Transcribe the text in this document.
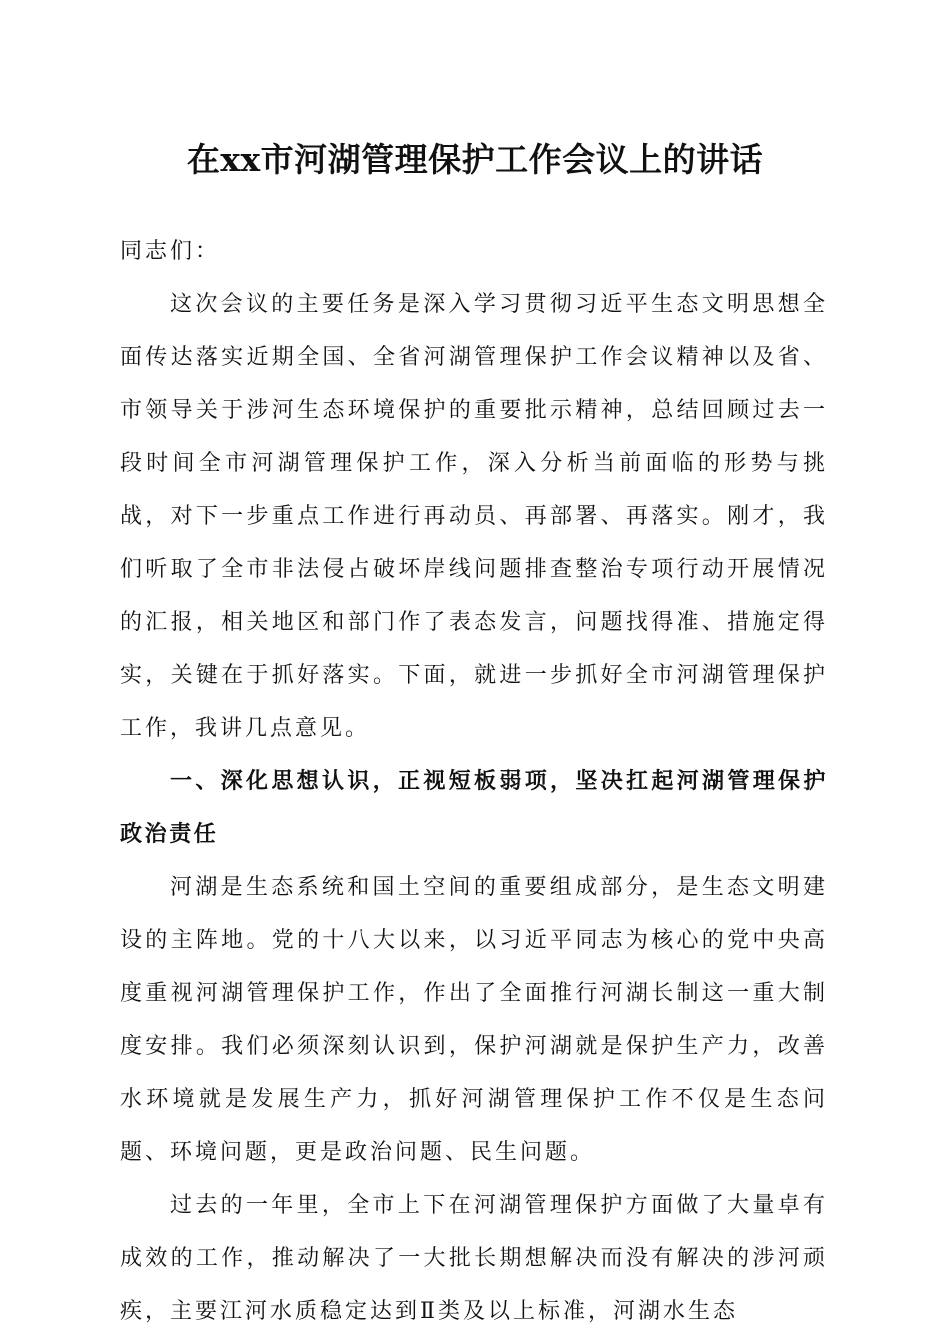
在xx市河湖管理保护工作会议上的讲话

同志们：

这次会议的主要任务是深入学习贯彻习近平生态文明思想全面传达落实近期全国、全省河湖管理保护工作会议精神以及省、市领导关于涉河生态环境保护的重要批示精神，总结回顾过去一段时间全市河湖管理保护工作，深入分析当前面临的形势与挑战，对下一步重点工作进行再动员、再部署、再落实。刚才，我们听取了全市非法侵占破坏岸线问题排查整治专项行动开展情况的汇报，相关地区和部门作了表态发言，问题找得准、措施定得实，关键在于抓好落实。下面，就进一步抓好全市河湖管理保护工作，我讲几点意见。

一、深化思想认识，正视短板弱项，坚决扛起河湖管理保护政治责任

河湖是生态系统和国土空间的重要组成部分，是生态文明建设的主阵地。党的十八大以来，以习近平同志为核心的党中央高度重视河湖管理保护工作，作出了全面推行河湖长制这一重大制度安排。我们必须深刻认识到，保护河湖就是保护生产力，改善水环境就是发展生产力，抓好河湖管理保护工作不仅是生态问题、环境问题，更是政治问题、民生问题。

过去的一年里，全市上下在河湖管理保护方面做了大量卓有成效的工作，推动解决了一大批长期想解决而没有解决的涉河顽疾，主要江河水质稳定达到Ⅱ类及以上标准，河湖水生态
